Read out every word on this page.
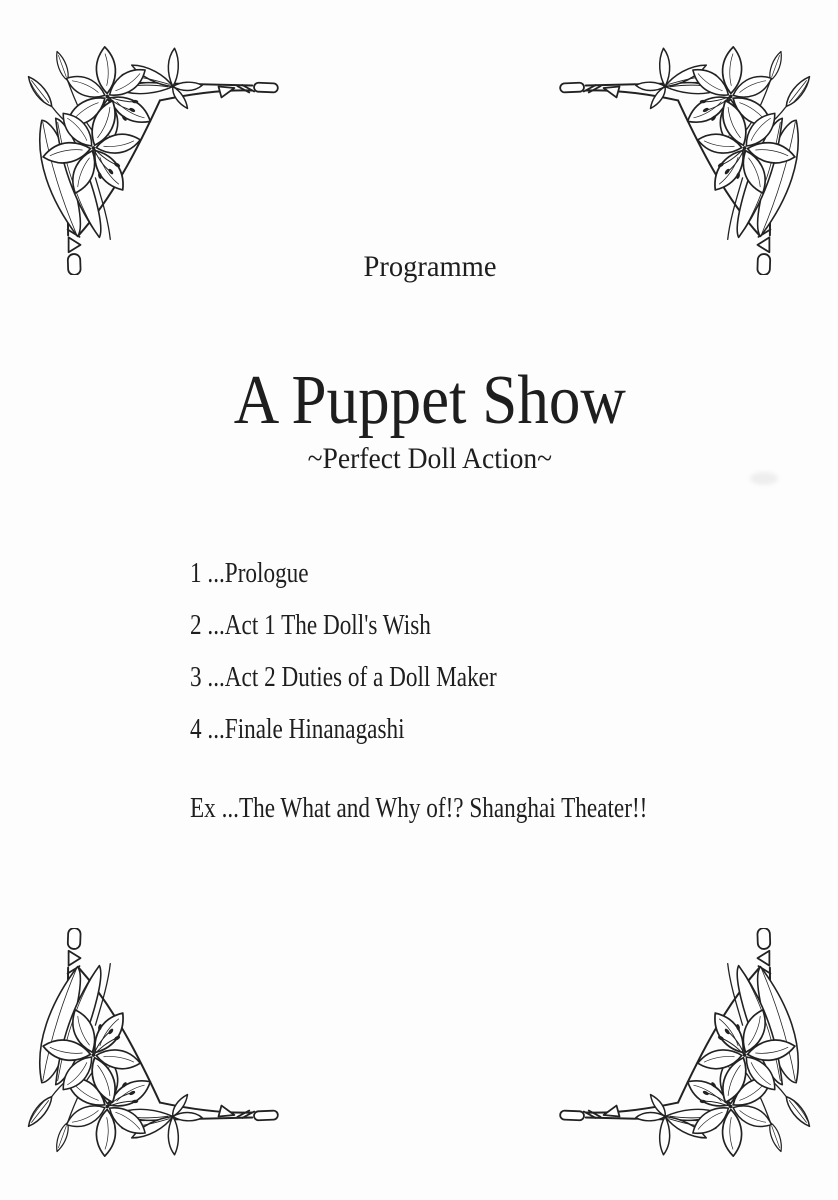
Programme
A Puppet Show
~Perfect Doll Action~
1 ...Prologue
2 ...Act 1 The Doll's Wish
3 ...Act 2 Duties of a Doll Maker
4 ...Finale Hinanagashi
Ex ...The What and Why of!? Shanghai Theater!!
